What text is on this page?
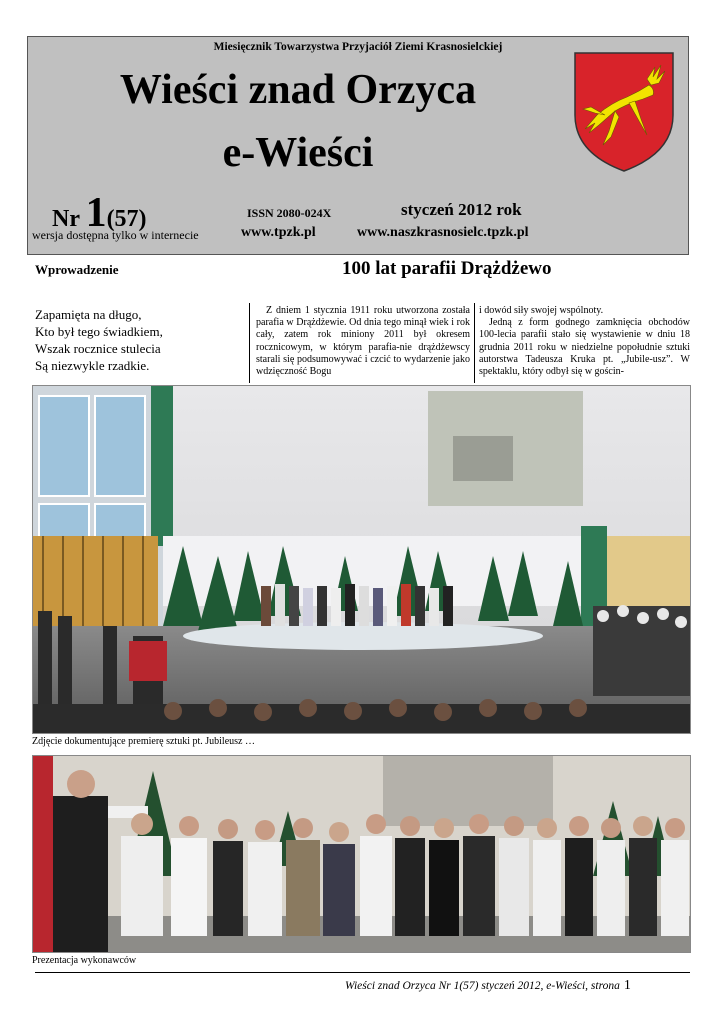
Miesięcznik Towarzystwa Przyjaciół Ziemi Krasnosielckiej
Wieści znad Orzyca
e-Wieści
Nr 1(57)	ISSN 2080-024X	styczeń 2012 rok
wersja dostępna tylko w internecie	www.tpzk.pl	www.naszkrasnosielc.tpzk.pl
Wprowadzenie	100 lat parafii Drążdżewo
Zapamięta na długo,
Kto był tego świadkiem,
Wszak rocznice stulecia
Są niezwykle rzadkie.

Z dniem 1 stycznia 1911 roku utworzona została parafia w Drążdżewie. Od dnia tego minął wiek i rok cały, zatem rok miniony 2011 był okresem rocznicowym, w którym parafia-nie drążdżewscy starali się podsumowywać i czcić to wydarzenie jako wdzięczność Bogu

i dowód siły swojej wspólnoty.

Jedną z form godnego zamknięcia obchodów 100-lecia parafii stało się wystawienie w dniu 18 grudnia 2011 roku w niedzielne popołudnie sztuki autorstwa Tadeusza Kruka pt. „Jubile-usz”. W spektaklu, który odbył się w gościn-

Zdjęcie dokumentujące premierę sztuki pt. Jubileusz …
Prezentacja wykonawców
Wieści znad Orzyca Nr 1(57) styczeń 2012, e-Wieści, strona 1
